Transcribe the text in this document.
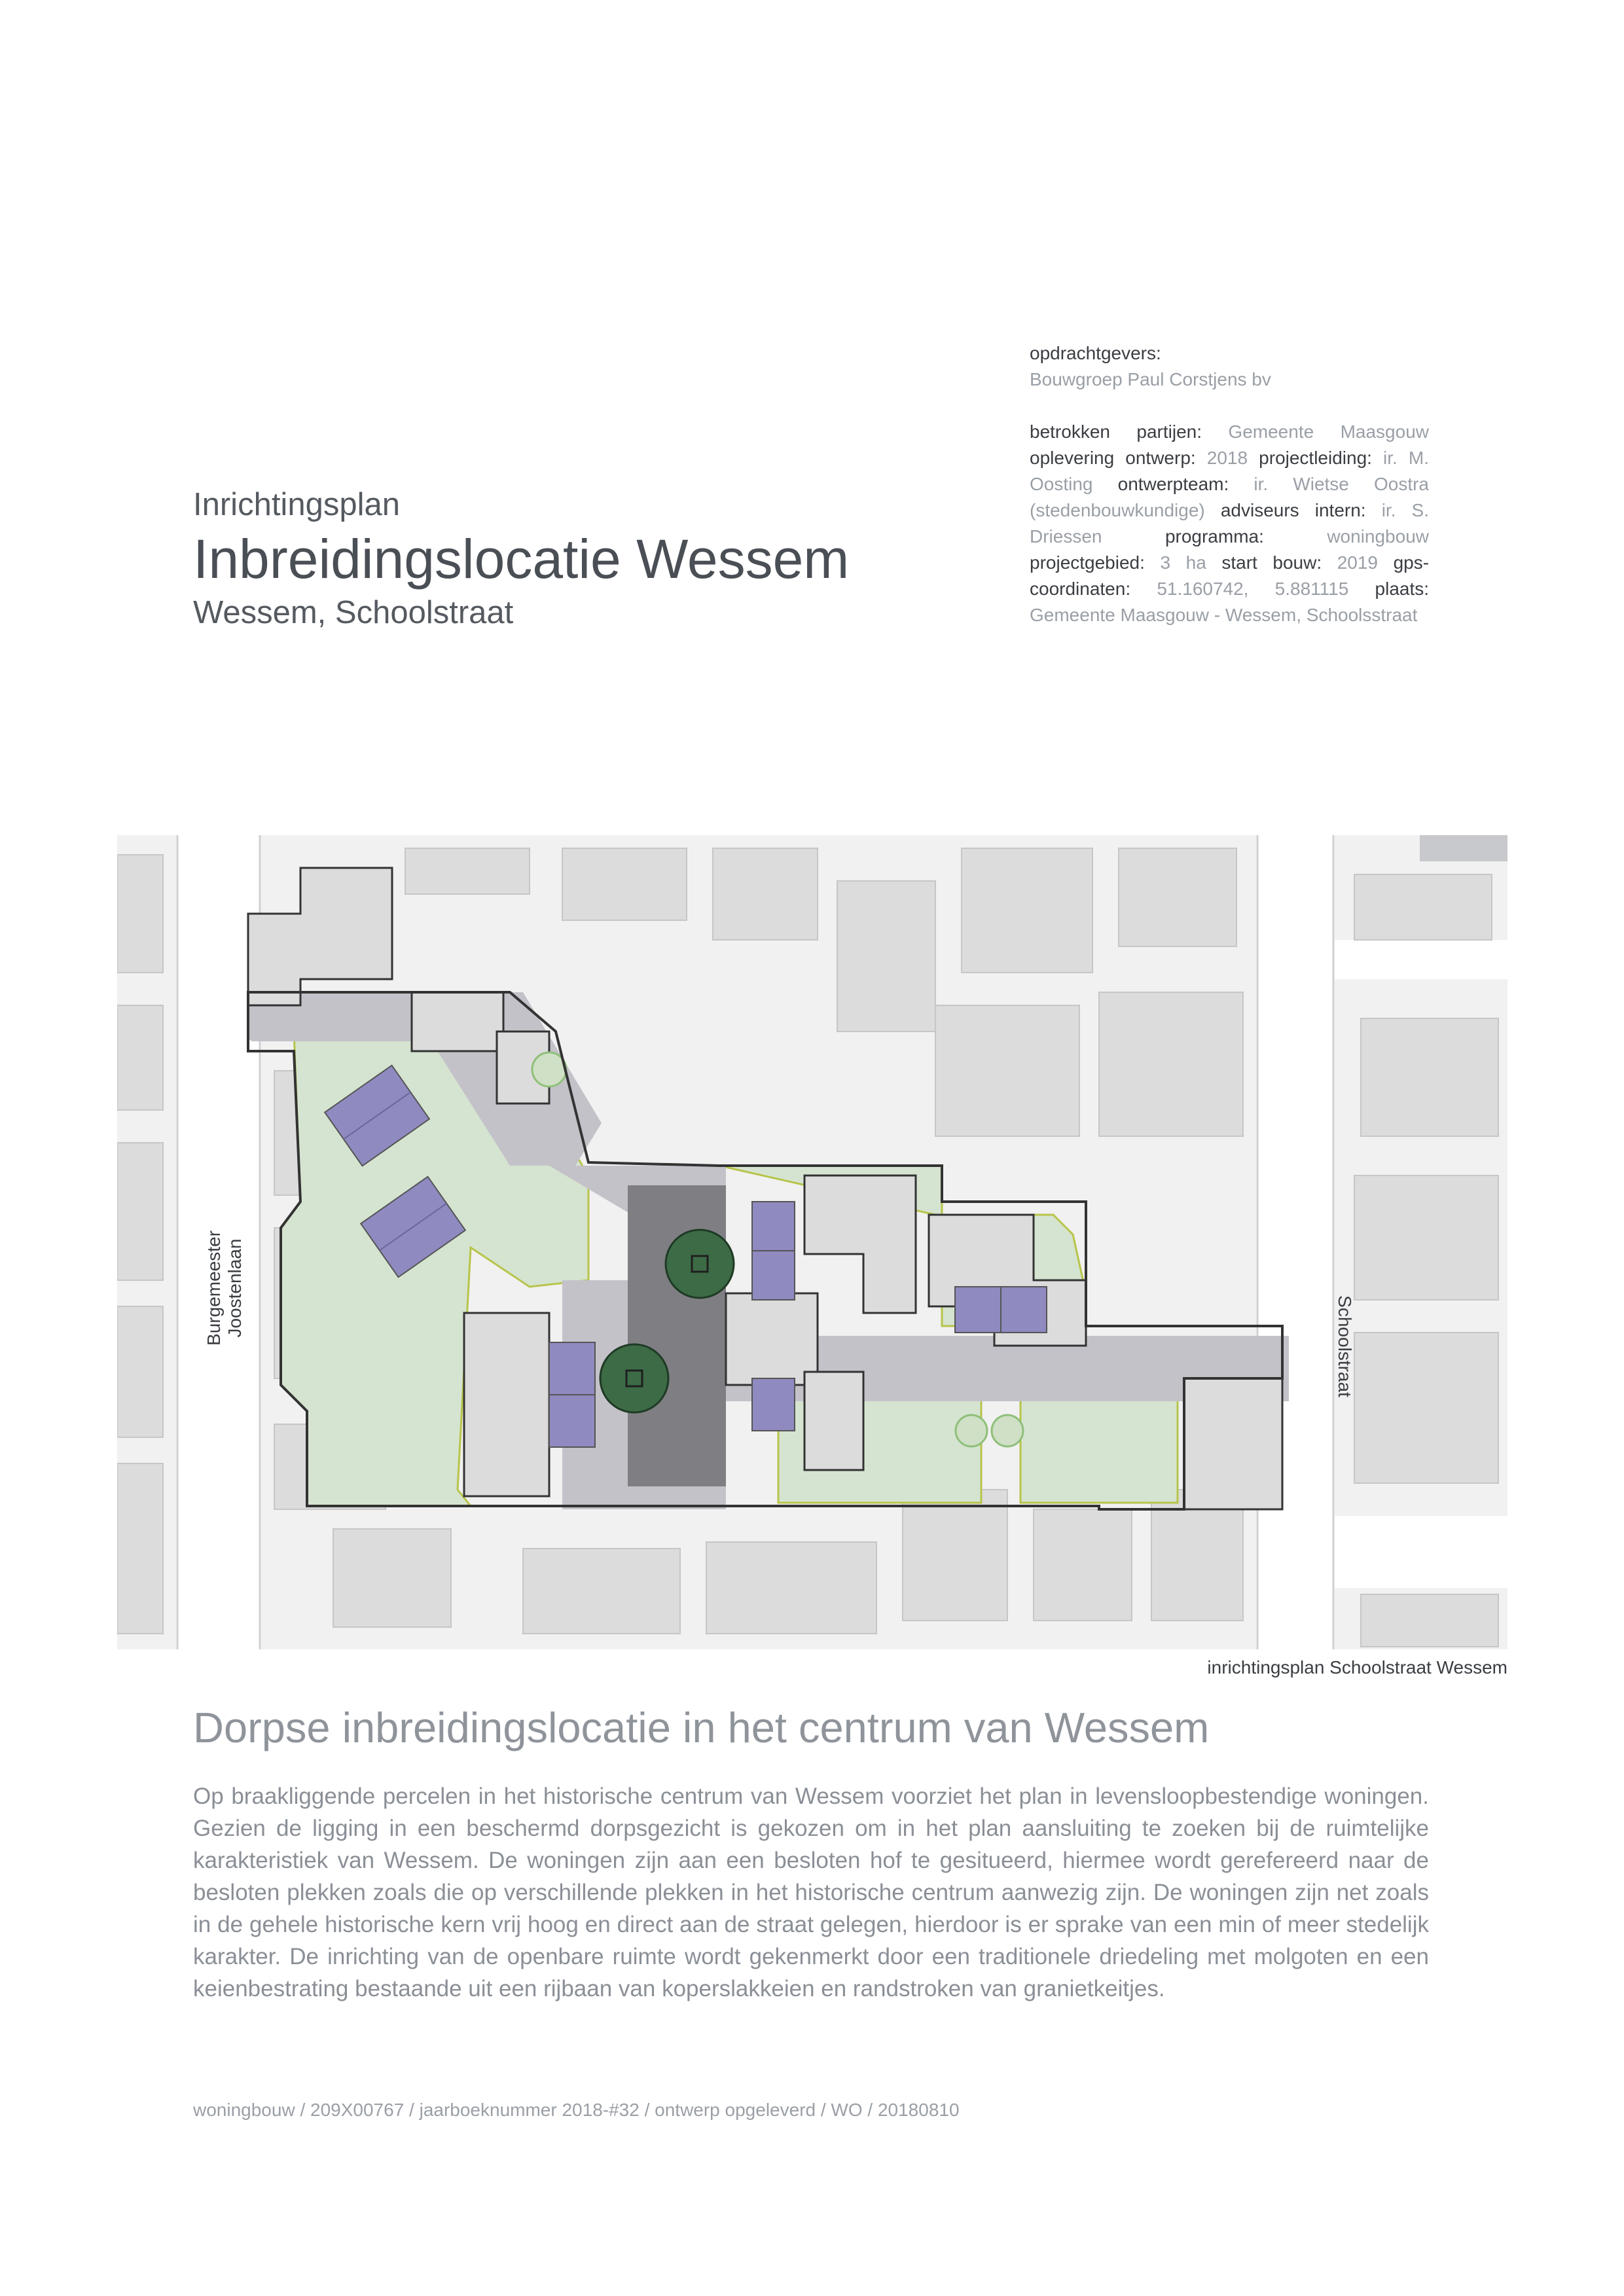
opdrachtgevers:

Bouwgroep Paul Corstjens bv

betrokken partijen: Gemeente Maasgouw oplevering ontwerp: 2018 projectleiding: ir. M. Oosting ontwerpteam: ir. Wietse Oostra (stedenbouwkundige) adviseurs intern: ir. S. Driessen	programma:	woningbouw projectgebied: 3 ha start bouw: 2019 gps-coordinaten: 51.160742, 5.881115 plaats: Gemeente Maasgouw - Wessem, Schoolsstraat

Inrichtingsplan
Inbreidingslocatie Wessem
Wessem, Schoolstraat
Burgemeester Joostenlaan
Schoolstraat
inrichtingsplan Schoolstraat Wessem
Dorpse inbreidingslocatie in het centrum van Wessem

Op braakliggende percelen in het historische centrum van Wessem voorziet het plan in levensloopbestendige woningen. Gezien de ligging in een beschermd dorpsgezicht is gekozen om in het plan aansluiting te zoeken bij de ruimtelijke karakteristiek van Wessem. De woningen zijn aan een besloten hof te gesitueerd, hiermee wordt gerefereerd naar de besloten plekken zoals die op verschillende plekken in het historische centrum aanwezig zijn. De woningen zijn net zoals in de gehele historische kern vrij hoog en direct aan de straat gelegen, hierdoor is er sprake van een min of meer stedelijk karakter. De inrichting van de openbare ruimte wordt gekenmerkt door een traditionele driedeling met molgoten en een keienbestrating bestaande uit een rijbaan van koperslakkeien en randstroken van granietkeitjes.

woningbouw / 209X00767 / jaarboeknummer 2018-#32 / ontwerp opgeleverd / WO / 20180810
